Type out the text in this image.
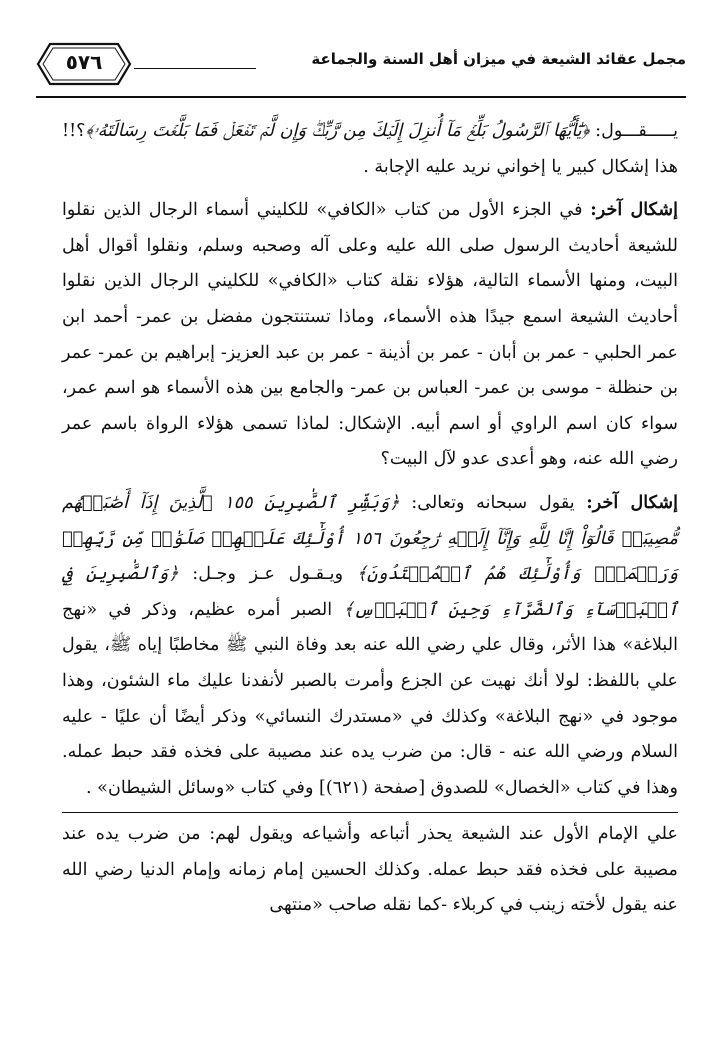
٥٧٦	مجمل عقائد الشيعة في ميزان أهل السنة والجماعة

يـــــقـــول: ﴿يَٰٓأَيُّهَا ٱلرَّسُولُ بَلِّغۡ مَآ أُنزِلَ إِلَيۡكَ مِن رَّبِّكَۖ وَإِن لَّمۡ تَفۡعَلۡ فَمَا بَلَّغۡتَ رِسَالَتَهُۥ﴾؟!! هذا إشكال كبير يا إخواني نريد عليه الإجابة .

إشكال آخر: في الجزء الأول من كتاب «الكافي» للكليني أسماء الرجال الذين نقلوا للشيعة أحاديث الرسول صلى الله عليه وعلى آله وصحبه وسلم، ونقلوا أقوال أهل البيت، ومنها الأسماء التالية، هؤلاء نقلة كتاب «الكافي» للكليني الرجال الذين نقلوا أحاديث الشيعة اسمع جيدًا هذه الأسماء، وماذا تستنتجون مفضل بن عمر- أحمد ابن عمر الحلبي - عمر بن أبان - عمر بن أذينة - عمر بن عبد العزيز- إبراهيم بن عمر- عمر بن حنظلة - موسى بن عمر- العباس بن عمر- والجامع بين هذه الأسماء هو اسم عمر، سواء كان اسم الراوي أو اسم أبيه. الإشكال: لماذا تسمى هؤلاء الرواة باسم عمر رضي الله عنه، وهو أعدى عدو لآل البيت؟

إشكال آخر: يقول سبحانه وتعالى: ﴿وَبَشِّرِ ٱلصَّٰبِرِينَ ١٥٥ ٱلَّذِينَ إِذَآ أَصَٰبَتۡهُم مُّصِيبَةٞ قَالُوٓاْ إِنَّا لِلَّهِ وَإِنَّآ إِلَيۡهِ رَٰجِعُونَ ١٥٦ أُوْلَٰٓئِكَ عَلَيۡهِمۡ صَلَوَٰتٞ مِّن رَّبِّهِمۡ وَرَحۡمَةٞۖ وَأُوْلَٰٓئِكَ هُمُ ٱلۡمُهۡتَدُونَ﴾ ويـقـول عـز وجـل: ﴿وَٱلصَّٰبِرِينَ فِي ٱلۡبَأۡسَآءِ وَٱلضَّرَّآءِ وَحِينَ ٱلۡبَأۡسِ﴾ الصبر أمره عظيم، وذكر في «نهج البلاغة» هذا الأثر، وقال علي رضي الله عنه بعد وفاة النبي ﷺ مخاطبًا إياه ﷺ، يقول علي باللفظ: لولا أنك نهيت عن الجزع وأمرت بالصبر لأنفدنا عليك ماء الشئون، وهذا موجود في «نهج البلاغة» وكذلك في «مستدرك النسائي» وذكر أيضًا أن عليًا - عليه السلام ورضي الله عنه - قال: من ضرب يده عند مصيبة على فخذه فقد حبط عمله. وهذا في كتاب «الخصال» للصدوق [صفحة (٦٢١)] وفي كتاب «وسائل الشيطان» .

علي الإمام الأول عند الشيعة يحذر أتباعه وأشياعه ويقول لهم: من ضرب يده عند مصيبة على فخذه فقد حبط عمله. وكذلك الحسين إمام زمانه وإمام الدنيا رضي الله عنه يقول لأخته زينب في كربلاء -كما نقله صاحب «منتهى
